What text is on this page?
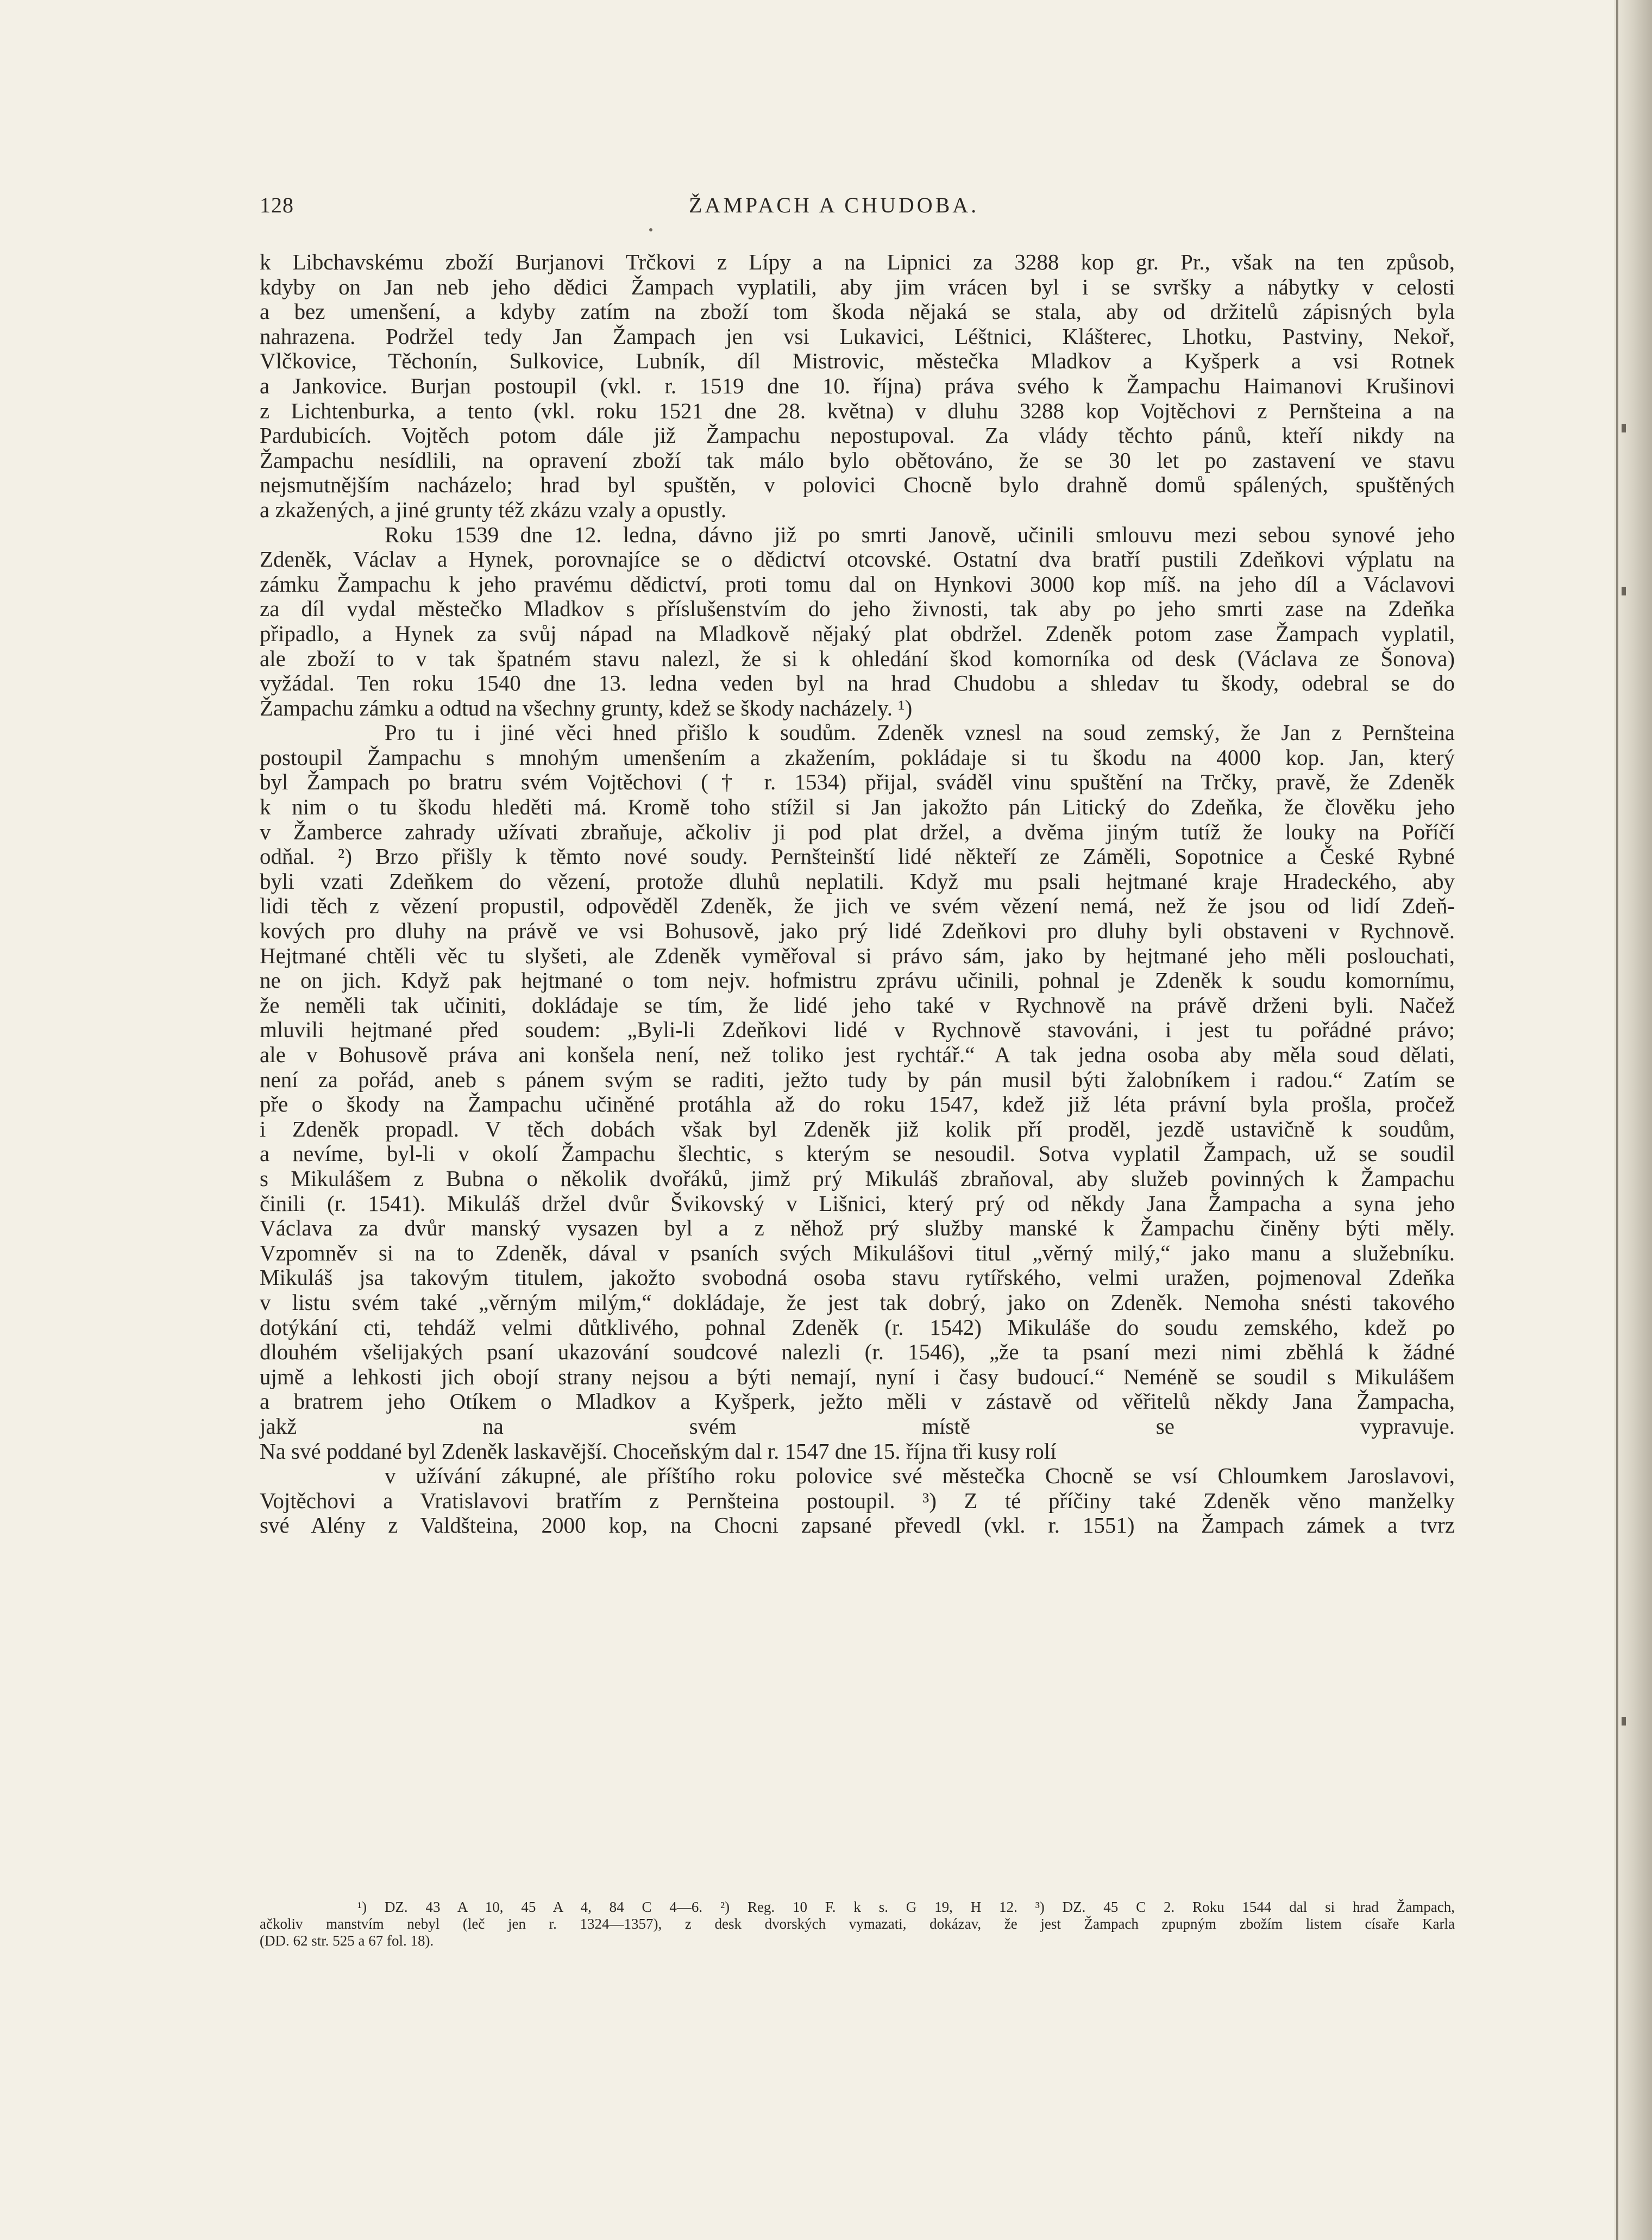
128	ŽAMPACH A CHUDOBA.
k Libchavskému zboží Burjanovi Trčkovi z Lípy a na Lipnici za 3288 kop gr. Pr., však na ten způsob,
kdyby on Jan neb jeho dědici Žampach vyplatili, aby jim vrácen byl i se svršky a nábytky v celosti
a bez umenšení, a kdyby zatím na zboží tom škoda nějaká se stala, aby od držitelů zápisných byla
nahrazena. Podržel tedy Jan Žampach jen vsi Lukavici, Léštnici, Klášterec, Lhotku, Pastviny, Nekoř,
Vlčkovice, Těchonín, Sulkovice, Lubník, díl Mistrovic, městečka Mladkov a Kyšperk a vsi Rotnek
a Jankovice. Burjan postoupil (vkl. r. 1519 dne 10. října) práva svého k Žampachu Haimanovi Krušinovi
z Lichtenburka, a tento (vkl. roku 1521 dne 28. května) v dluhu 3288 kop Vojtěchovi z Pernšteina a na
Pardubicích. Vojtěch potom dále již Žampachu nepostupoval. Za vlády těchto pánů, kteří nikdy na
Žampachu nesídlili, na opravení zboží tak málo bylo obětováno, že se 30 let po zastavení ve stavu
nejsmutnějším nacházelo; hrad byl spuštěn, v polovici Chocně bylo drahně domů spálených, spuštěných
a zkažených, a jiné grunty též zkázu vzaly a opustly.
Roku 1539 dne 12. ledna, dávno již po smrti Janově, učinili smlouvu mezi sebou synové jeho
Zdeněk, Václav a Hynek, porovnajíce se o dědictví otcovské. Ostatní dva bratří pustili Zdeňkovi výplatu na
zámku Žampachu k jeho pravému dědictví, proti tomu dal on Hynkovi 3000 kop míš. na jeho díl a Václavovi
za díl vydal městečko Mladkov s příslušenstvím do jeho živnosti, tak aby po jeho smrti zase na Zdeňka
připadlo, a Hynek za svůj nápad na Mladkově nějaký plat obdržel. Zdeněk potom zase Žampach vyplatil,
ale zboží to v tak špatném stavu nalezl, že si k ohledání škod komorníka od desk (Václava ze Šonova)
vyžádal. Ten roku 1540 dne 13. ledna veden byl na hrad Chudobu a shledav tu škody, odebral se do
Žampachu zámku a odtud na všechny grunty, kdež se škody nacházely. ¹)
Pro tu i jiné věci hned přišlo k soudům. Zdeněk vznesl na soud zemský, že Jan z Pernšteina
postoupil Žampachu s mnohým umenšením a zkažením, pokládaje si tu škodu na 4000 kop. Jan, který
byl Žampach po bratru svém Vojtěchovi († r. 1534) přijal, sváděl vinu spuštění na Trčky, pravě, že Zdeněk
k nim o tu škodu hleděti má. Kromě toho stížil si Jan jakožto pán Litický do Zdeňka, že člověku jeho
v Žamberce zahrady užívati zbraňuje, ačkoliv ji pod plat držel, a dvěma jiným tutíž že louky na Poříčí
odňal. ²) Brzo přišly k těmto nové soudy. Pernšteinští lidé někteří ze Záměli, Sopotnice a České Rybné
byli vzati Zdeňkem do vězení, protože dluhů neplatili. Když mu psali hejtmané kraje Hradeckého, aby
lidi těch z vězení propustil, odpověděl Zdeněk, že jich ve svém vězení nemá, než že jsou od lidí Zdeň-
kových pro dluhy na právě ve vsi Bohusově, jako prý lidé Zdeňkovi pro dluhy byli obstaveni v Rychnově.
Hejtmané chtěli věc tu slyšeti, ale Zdeněk vyměřoval si právo sám, jako by hejtmané jeho měli poslouchati,
ne on jich. Když pak hejtmané o tom nejv. hofmistru zprávu učinili, pohnal je Zdeněk k soudu komornímu,
že neměli tak učiniti, dokládaje se tím, že lidé jeho také v Rychnově na právě drženi byli. Načež
mluvili hejtmané před soudem: „Byli-li Zdeňkovi lidé v Rychnově stavováni, i jest tu pořádné právo;
ale v Bohusově práva ani konšela není, než toliko jest rychtář.“ A tak jedna osoba aby měla soud dělati,
není za pořád, aneb s pánem svým se raditi, ježto tudy by pán musil býti žalobníkem i radou.“ Zatím se
pře o škody na Žampachu učiněné protáhla až do roku 1547, kdež již léta právní byla prošla, pročež
i Zdeněk propadl. V těch dobách však byl Zdeněk již kolik pří proděl, jezdě ustavičně k soudům,
a nevíme, byl-li v okolí Žampachu šlechtic, s kterým se nesoudil. Sotva vyplatil Žampach, už se soudil
s Mikulášem z Bubna o několik dvořáků, jimž prý Mikuláš zbraňoval, aby služeb povinných k Žampachu
činili (r. 1541). Mikuláš držel dvůr Švikovský v Lišnici, který prý od někdy Jana Žampacha a syna jeho
Václava za dvůr manský vysazen byl a z něhož prý služby manské k Žampachu činěny býti měly.
Vzpomněv si na to Zdeněk, dával v psaních svých Mikulášovi titul „věrný milý,“ jako manu a služebníku.
Mikuláš jsa takovým titulem, jakožto svobodná osoba stavu rytířského, velmi uražen, pojmenoval Zdeňka
v listu svém také „věrným milým,“ dokládaje, že jest tak dobrý, jako on Zdeněk. Nemoha snésti takového
dotýkání cti, tehdáž velmi důtklivého, pohnal Zdeněk (r. 1542) Mikuláše do soudu zemského, kdež po
dlouhém všelijakých psaní ukazování soudcové nalezli (r. 1546), „že ta psaní mezi nimi zběhlá k žádné
ujmě a lehkosti jich obojí strany nejsou a býti nemají, nyní i časy budoucí.“ Neméně se soudil s Mikulášem
a bratrem jeho Otíkem o Mladkov a Kyšperk, ježto měli v zástavě od věřitelů někdy Jana Žampacha,
jakž na svém místě se vypravuje.
Na své poddané byl Zdeněk laskavější. Choceňským dal r. 1547 dne 15. října tři kusy rolí
v užívání zákupné, ale příštího roku polovice své městečka Chocně se vsí Chloumkem Jaroslavovi,
Vojtěchovi a Vratislavovi bratřím z Pernšteina postoupil. ³) Z té příčiny také Zdeněk věno manželky
své Alény z Valdšteina, 2000 kop, na Chocni zapsané převedl (vkl. r. 1551) na Žampach zámek a tvrz
¹) DZ. 43 A 10, 45 A 4, 84 C 4—6. ²) Reg. 10 F. k s. G 19, H 12. ³) DZ. 45 C 2. Roku 1544 dal si hrad Žampach,
ačkoliv manstvím nebyl (leč jen r. 1324—1357), z desk dvorských vymazati, dokázav, že jest Žampach zpupným zbožím listem císaře Karla
(DD. 62 str. 525 a 67 fol. 18).
